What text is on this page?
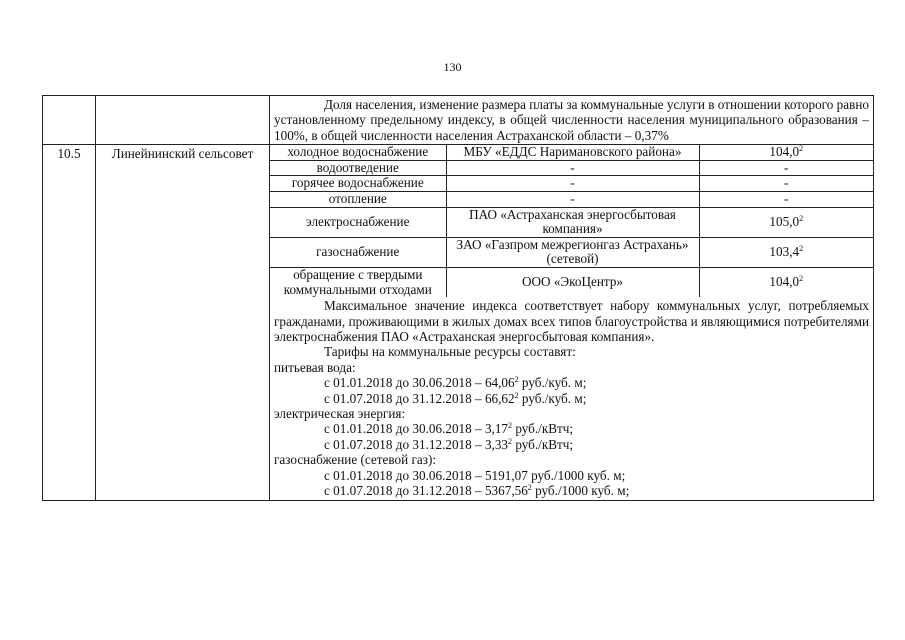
130
		Доля населения, изменение размера платы за коммунальные услуги в отношении которого равно установленному предельному индексу, в общей численности населения муниципального образования – 100%, в общей численности населения Астраханской области – 0,37%
10.5	Линейнинский сельсовет		холодное водоснабжение	МБУ «ЕДДС Наримановского района»	104,0$^2$
водоотведение	-	-
горячее водоснабжение	-	-
отопление	-	-
электроснабжение	ПАО «Астраханская энергосбытовая компания»	105,0$^2$
газоснабжение	ЗАО «Газпром межрегионгаз Астрахань» (сетевой)	103,4$^2$
обращение с твердыми коммунальными отходами	ООО «ЭкоЦентр»	104,0$^2$

Максимальное значение индекса соответствует набору коммунальных услуг, потребляемых гражданами, проживающими в жилых домах всех типов благоустройства и являющимися потребителями электроснабжения ПАО «Астраханская энергосбытовая компания».

Тарифы на коммунальные ресурсы составят:

питьевая вода:

с 01.01.2018 до 30.06.2018 – 64,06$^2$ руб./куб. м;

с 01.07.2018 до 31.12.2018 – 66,62$^2$ руб./куб. м;

электрическая энергия:

с 01.01.2018 до 30.06.2018 – 3,17$^2$ руб./кВтч;

с 01.07.2018 до 31.12.2018 – 3,33$^2$ руб./кВтч;

газоснабжение (сетевой газ):

с 01.01.2018 до 30.06.2018 – 5191,07 руб./1000 куб. м;

с 01.07.2018 до 31.12.2018 – 5367,56$^2$ руб./1000 куб. м;
